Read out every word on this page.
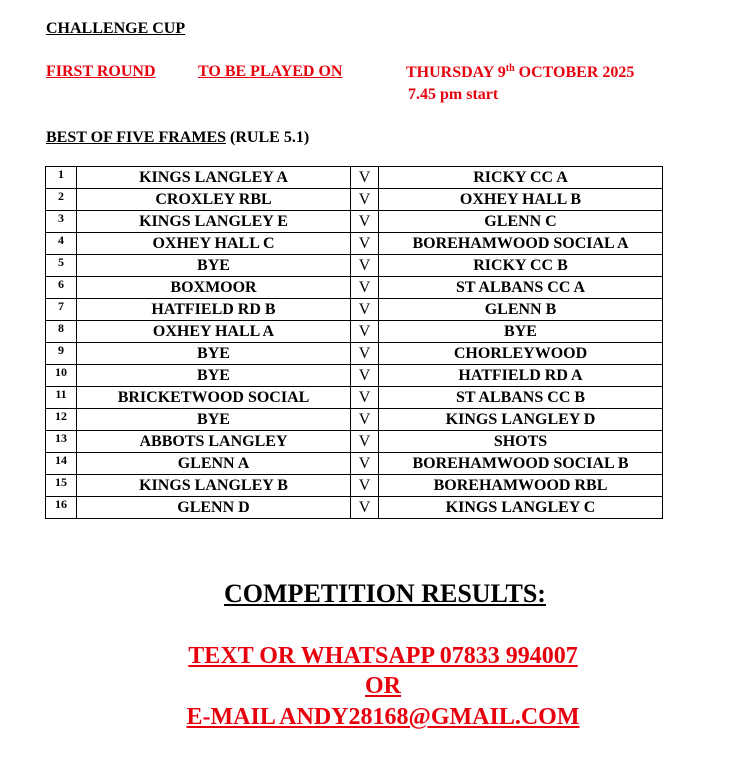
CHALLENGE CUP
FIRST ROUND	TO BE PLAYED ON	THURSDAY 9th OCTOBER 2025
7.45 pm start
BEST OF FIVE FRAMES (RULE 5.1)
1	KINGS LANGLEY A	V	RICKY CC A
2	CROXLEY RBL	V	OXHEY HALL B
3	KINGS LANGLEY E	V	GLENN C
4	OXHEY HALL C	V	BOREHAMWOOD SOCIAL A
5	BYE	V	RICKY CC B
6	BOXMOOR	V	ST ALBANS CC A
7	HATFIELD RD B	V	GLENN B
8	OXHEY HALL A	V	BYE
9	BYE	V	CHORLEYWOOD
10	BYE	V	HATFIELD RD A
11	BRICKETWOOD SOCIAL	V	ST ALBANS CC B
12	BYE	V	KINGS LANGLEY D
13	ABBOTS LANGLEY	V	SHOTS
14	GLENN A	V	BOREHAMWOOD SOCIAL B
15	KINGS LANGLEY B	V	BOREHAMWOOD RBL
16	GLENN D	V	KINGS LANGLEY C
COMPETITION RESULTS:
TEXT OR WHATSAPP 07833 994007
OR
E-MAIL ANDY28168@GMAIL.COM
